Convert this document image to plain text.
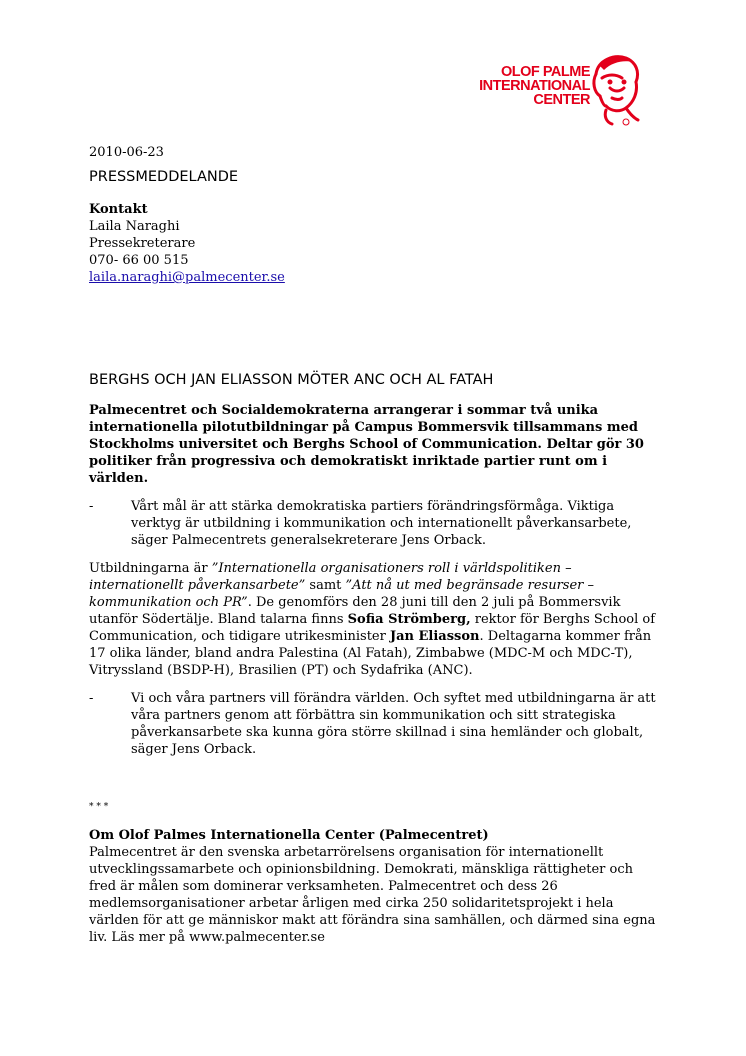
OLOF PALME
INTERNATIONAL
CENTER

2010-06-23

PRESSMEDDELANDE

Kontakt

Laila Naraghi

Pressekreterare

070- 66 00 515

laila.naraghi@palmecenter.se

BERGHS OCH JAN ELIASSON MÖTER ANC OCH AL FATAH

Palmecentret och Socialdemokraterna arrangerar i sommar två unika internationella pilotutbildningar på Campus Bommersvik tillsammans med Stockholms universitet och Berghs School of Communication. Deltar gör 30 politiker från progressiva och demokratiskt inriktade partier runt om i världen.

-	Vårt mål är att stärka demokratiska partiers förändringsförmåga. Viktiga verktyg är utbildning i kommunikation och internationellt påverkansarbete, säger Palmecentrets generalsekreterare Jens Orback.

Utbildningarna är ”Internationella organisationers roll i världspolitiken – internationellt påverkansarbete” samt ”Att nå ut med begränsade resurser – kommunikation och PR”. De genomförs den 28 juni till den 2 juli på Bommersvik utanför Södertälje. Bland talarna finns Sofia Strömberg, rektor för Berghs School of Communication, och tidigare utrikesminister Jan Eliasson. Deltagarna kommer från 17 olika länder, bland andra Palestina (Al Fatah), Zimbabwe (MDC-M och MDC-T), Vitryssland (BSDP-H), Brasilien (PT) och Sydafrika (ANC).

-	Vi och våra partners vill förändra världen. Och syftet med utbildningarna är att våra partners genom att förbättra sin kommunikation och sitt strategiska påverkansarbete ska kunna göra större skillnad i sina hemländer och globalt, säger Jens Orback.

* * *

Om Olof Palmes Internationella Center (Palmecentret)

Palmecentret är den svenska arbetarrörelsens organisation för internationellt utvecklingssamarbete och opinionsbildning. Demokrati, mänskliga rättigheter och fred är målen som dominerar verksamheten. Palmecentret och dess 26 medlemsorganisationer arbetar årligen med cirka 250 solidaritetsprojekt i hela världen för att ge människor makt att förändra sina samhällen, och därmed sina egna liv. Läs mer på www.palmecenter.se
